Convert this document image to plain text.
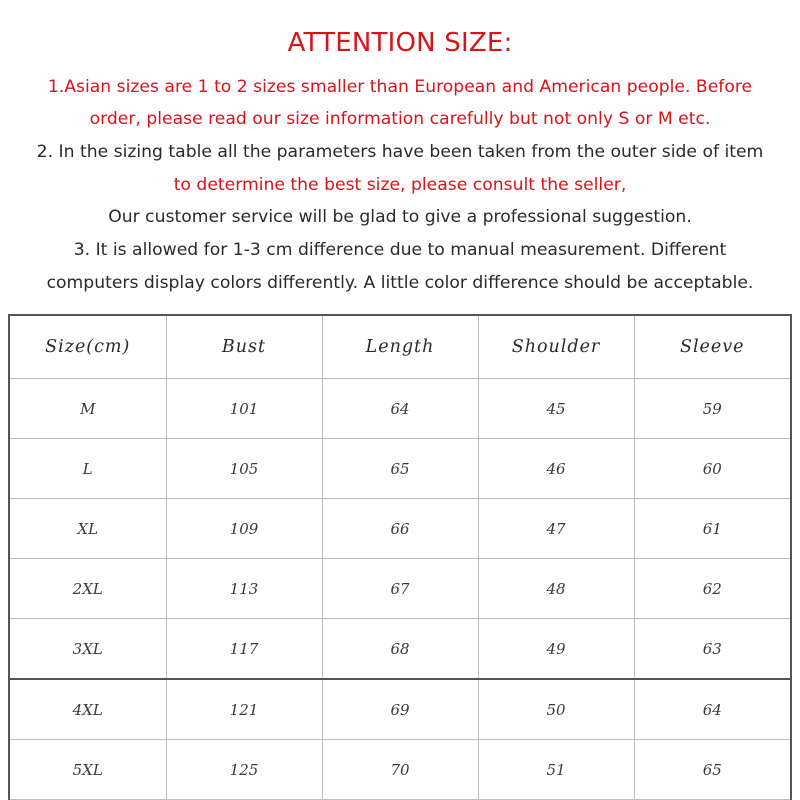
ATTENTION SIZE:
1.Asian sizes are 1 to 2 sizes smaller than European and American people. Before
order, please read our size information carefully but not only S or M etc.
2. In the sizing table all the parameters have been taken from the outer side of item
to determine the best size, please consult the seller,
Our customer service will be glad to give a professional suggestion.
3. It is allowed for 1-3 cm difference due to manual measurement. Different
computers display colors differently. A little color difference should be acceptable.
Size(cm)	Bust	Length	Shoulder	Sleeve
M	101	64	45	59
L	105	65	46	60
XL	109	66	47	61
2XL	113	67	48	62
3XL	117	68	49	63
4XL	121	69	50	64
5XL	125	70	51	65
